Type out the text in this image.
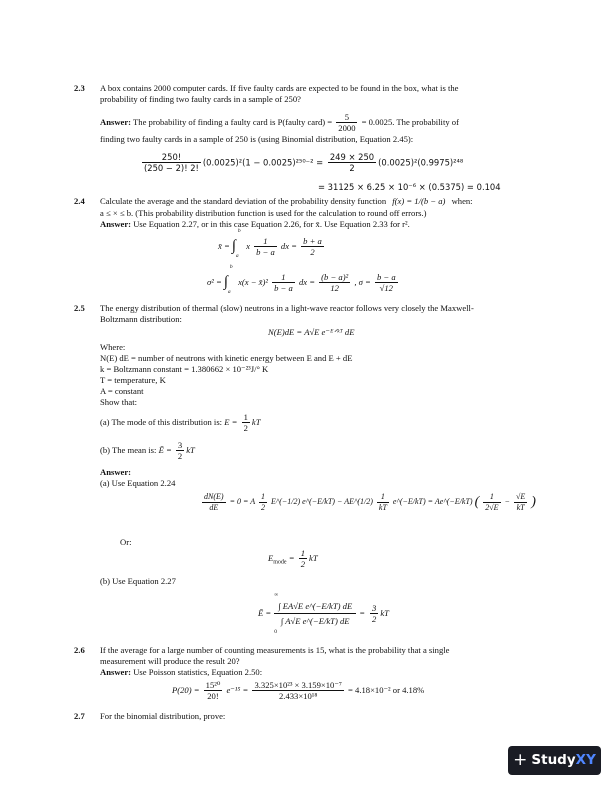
2.3 A box contains 2000 computer cards. If five faulty cards are expected to be found in the box, what is the
probability of finding two faulty cards in a sample of 250?
Answer: The probability of finding a faulty card is P(faulty card) = $\frac{5}{2000} = 0.0025$. The probability of
finding two faulty cards in a sample of 250 is (using Binomial distribution, Equation 2.45):
$\frac{250!}{(250 - 2)! 2!} (0.0025)^2(1 - 0.0025)^{250-2} = \frac{249 \times 250}{2} (0.0025)^2(0.9975)^{248}$
= 31125 × 6.25 × 10⁻⁶ × (0.5375) = 0.104
2.4 Calculate the average and the standard deviation of the probability density function f(x) = 1/(b − a) when:
a ≤ × ≤ b. (This probability distribution function is used for the calculation to round off errors.)
Answer: Use Equation 2.27, or in this case Equation 2.26, for x̄. Use Equation 2.33 for r².
x̄ =
b
∫
a
x $\frac{1}{b - a}$ dx = $\frac{b + a}{2}$
σ² =
b
∫
a
x(x − x̄)² $\frac{1}{b - a}$ dx = $\frac{\text{(b − a)²}}{12}$ , $\sigma = \frac{b - a}{√12}$
2.5 The energy distribution of thermal (slow) neutrons in a light-wave reactor follows very closely the Maxwell-
Boltzmann distribution:
N(E)dE = A√E e⁻ᴱᐟᵏᵀ dE
Where:
N(E) dE = number of neutrons with kinetic energy between E and E + dE
k = Boltzmann constant = 1.380662 × 10⁻²³J/° K
T = temperature, K
A = constant
Show that:
(a) The mode of this distribution is: $E = \frac{1}{2}$ kT
(b) The mean is: Ē = $\frac{3}{2}$ kT
Answer:
(a) Use Equation 2.24
$\frac{dN(E)}{dE} = 0 = A \frac{1}{2}$ E^(−1/2) e^(−E/kT) − AE^(1/2) $\frac{1}{kT}$ e^(−E/kT) = Ae^(−E/kT) ( $\frac{1}{2√E} - \frac{√E}{kT}$ )
Or:
$E_{mode} = \frac{1}{2}$ kT
(b) Use Equation 2.27
Ē =
∞
∫ EA√E e^(−E/kT) dE
∫ A√E e^(−E/kT) dE
0
= $\frac{3}{2}$ kT
2.6 If the average for a large number of counting measurements is 15, what is the probability that a single
measurement will produce the result 20?
Answer: Use Poisson statistics, Equation 2.50:
$P(20) = \frac{\text{15²⁰}}{20!} e^{-15} = \frac{\text{3.325×10²³ × 3.159×10⁻⁷}}{\text{2.433×10¹⁸}} = 4.18\times 10^{-2}$ or 4.18%
2.7 For the binomial distribution, prove:
+ Study XY
